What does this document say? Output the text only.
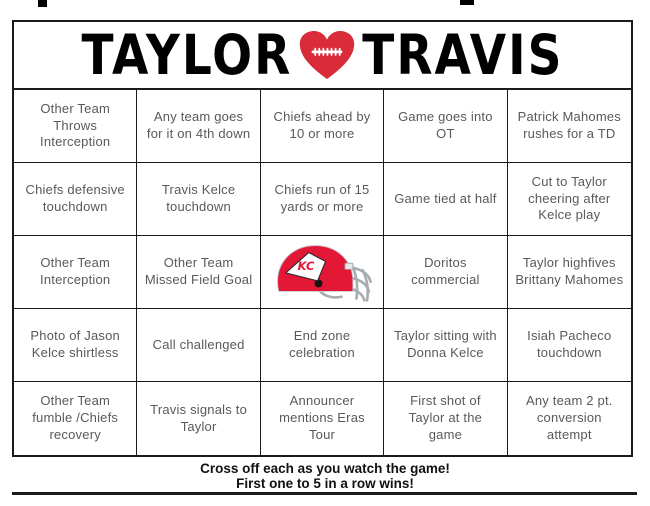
TAYLOR TRAVIS
Other Team Throws Interception
Any team goes for it on 4th down
Chiefs ahead by 10 or more
Game goes into OT
Patrick Mahomes rushes for a TD
Chiefs defensive touchdown
Travis Kelce touchdown
Chiefs run of 15 yards or more
Game tied at half
Cut to Taylor cheering after Kelce play
Other Team Interception
Other Team Missed Field Goal
KC	Doritos commercial
Taylor highfives Brittany Mahomes
Photo of Jason Kelce shirtless
Call challenged
End zone celebration
Taylor sitting with Donna Kelce
Isiah Pacheco touchdown
Other Team fumble /Chiefs recovery
Travis signals to Taylor
Announcer mentions Eras Tour
First shot of Taylor at the game
Any team 2 pt. conversion attempt
Cross off each as you watch the game!
First one to 5 in a row wins!
